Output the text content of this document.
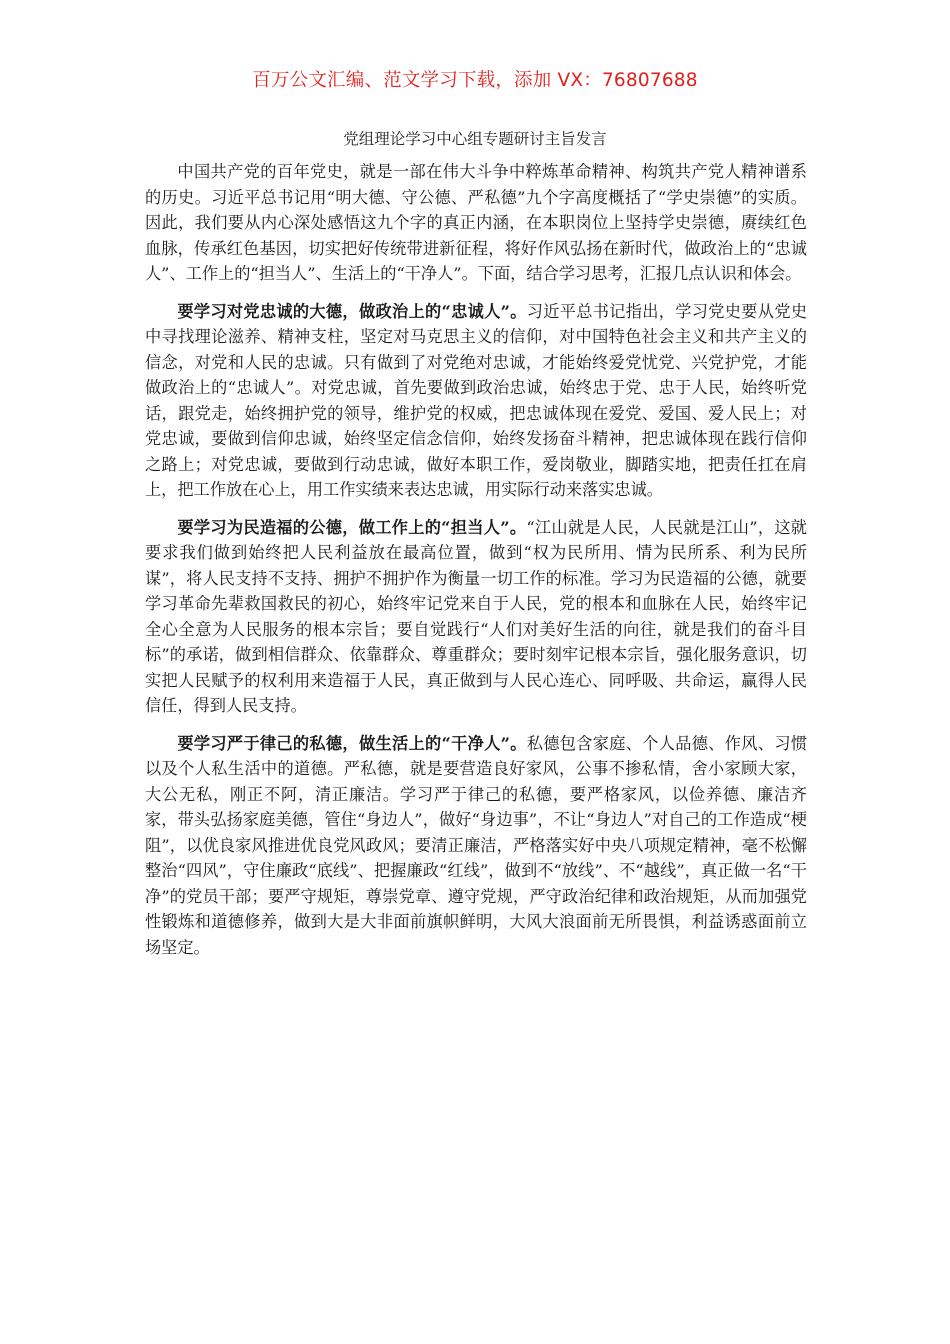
百万公文汇编、范文学习下载，添加 VX：76807688
党组理论学习中心组专题研讨主旨发言

中国共产党的百年党史，就是一部在伟大斗争中粹炼革命精神、构筑共产党人精神谱系的历史。习近平总书记用“明大德、守公德、严私德”九个字高度概括了“学史崇德”的实质。因此，我们要从内心深处感悟这九个字的真正内涵，在本职岗位上坚持学史崇德，赓续红色血脉，传承红色基因，切实把好传统带进新征程，将好作风弘扬在新时代，做政治上的“忠诚人”、工作上的“担当人”、生活上的“干净人”。下面，结合学习思考，汇报几点认识和体会。

要学习对党忠诚的大德，做政治上的“忠诚人”。习近平总书记指出，学习党史要从党史中寻找理论滋养、精神支柱，坚定对马克思主义的信仰，对中国特色社会主义和共产主义的信念，对党和人民的忠诚。只有做到了对党绝对忠诚，才能始终爱党忧党、兴党护党，才能做政治上的“忠诚人”。对党忠诚，首先要做到政治忠诚，始终忠于党、忠于人民，始终听党话，跟党走，始终拥护党的领导，维护党的权威，把忠诚体现在爱党、爱国、爱人民上；对党忠诚，要做到信仰忠诚，始终坚定信念信仰，始终发扬奋斗精神，把忠诚体现在践行信仰之路上；对党忠诚，要做到行动忠诚，做好本职工作，爱岗敬业，脚踏实地，把责任扛在肩上，把工作放在心上，用工作实绩来表达忠诚，用实际行动来落实忠诚。

要学习为民造福的公德，做工作上的“担当人”。“江山就是人民，人民就是江山”，这就要求我们做到始终把人民利益放在最高位置，做到“权为民所用、情为民所系、利为民所谋”，将人民支持不支持、拥护不拥护作为衡量一切工作的标准。学习为民造福的公德，就要学习革命先辈救国救民的初心，始终牢记党来自于人民，党的根本和血脉在人民，始终牢记全心全意为人民服务的根本宗旨；要自觉践行“人们对美好生活的向往，就是我们的奋斗目标”的承诺，做到相信群众、依靠群众、尊重群众；要时刻牢记根本宗旨，强化服务意识，切实把人民赋予的权利用来造福于人民，真正做到与人民心连心、同呼吸、共命运，赢得人民信任，得到人民支持。

要学习严于律己的私德，做生活上的“干净人”。私德包含家庭、个人品德、作风、习惯以及个人私生活中的道德。严私德，就是要营造良好家风，公事不掺私情，舍小家顾大家，大公无私，刚正不阿，清正廉洁。学习严于律己的私德，要严格家风，以俭养德、廉洁齐家，带头弘扬家庭美德，管住“身边人”，做好“身边事”，不让“身边人”对自己的工作造成“梗阻”，以优良家风推进优良党风政风；要清正廉洁，严格落实好中央八项规定精神，毫不松懈整治“四风”，守住廉政“底线”、把握廉政“红线”，做到不“放线”、不“越线”，真正做一名“干净”的党员干部；要严守规矩，尊崇党章、遵守党规，严守政治纪律和政治规矩，从而加强党性锻炼和道德修养，做到大是大非面前旗帜鲜明，大风大浪面前无所畏惧，利益诱惑面前立场坚定。
